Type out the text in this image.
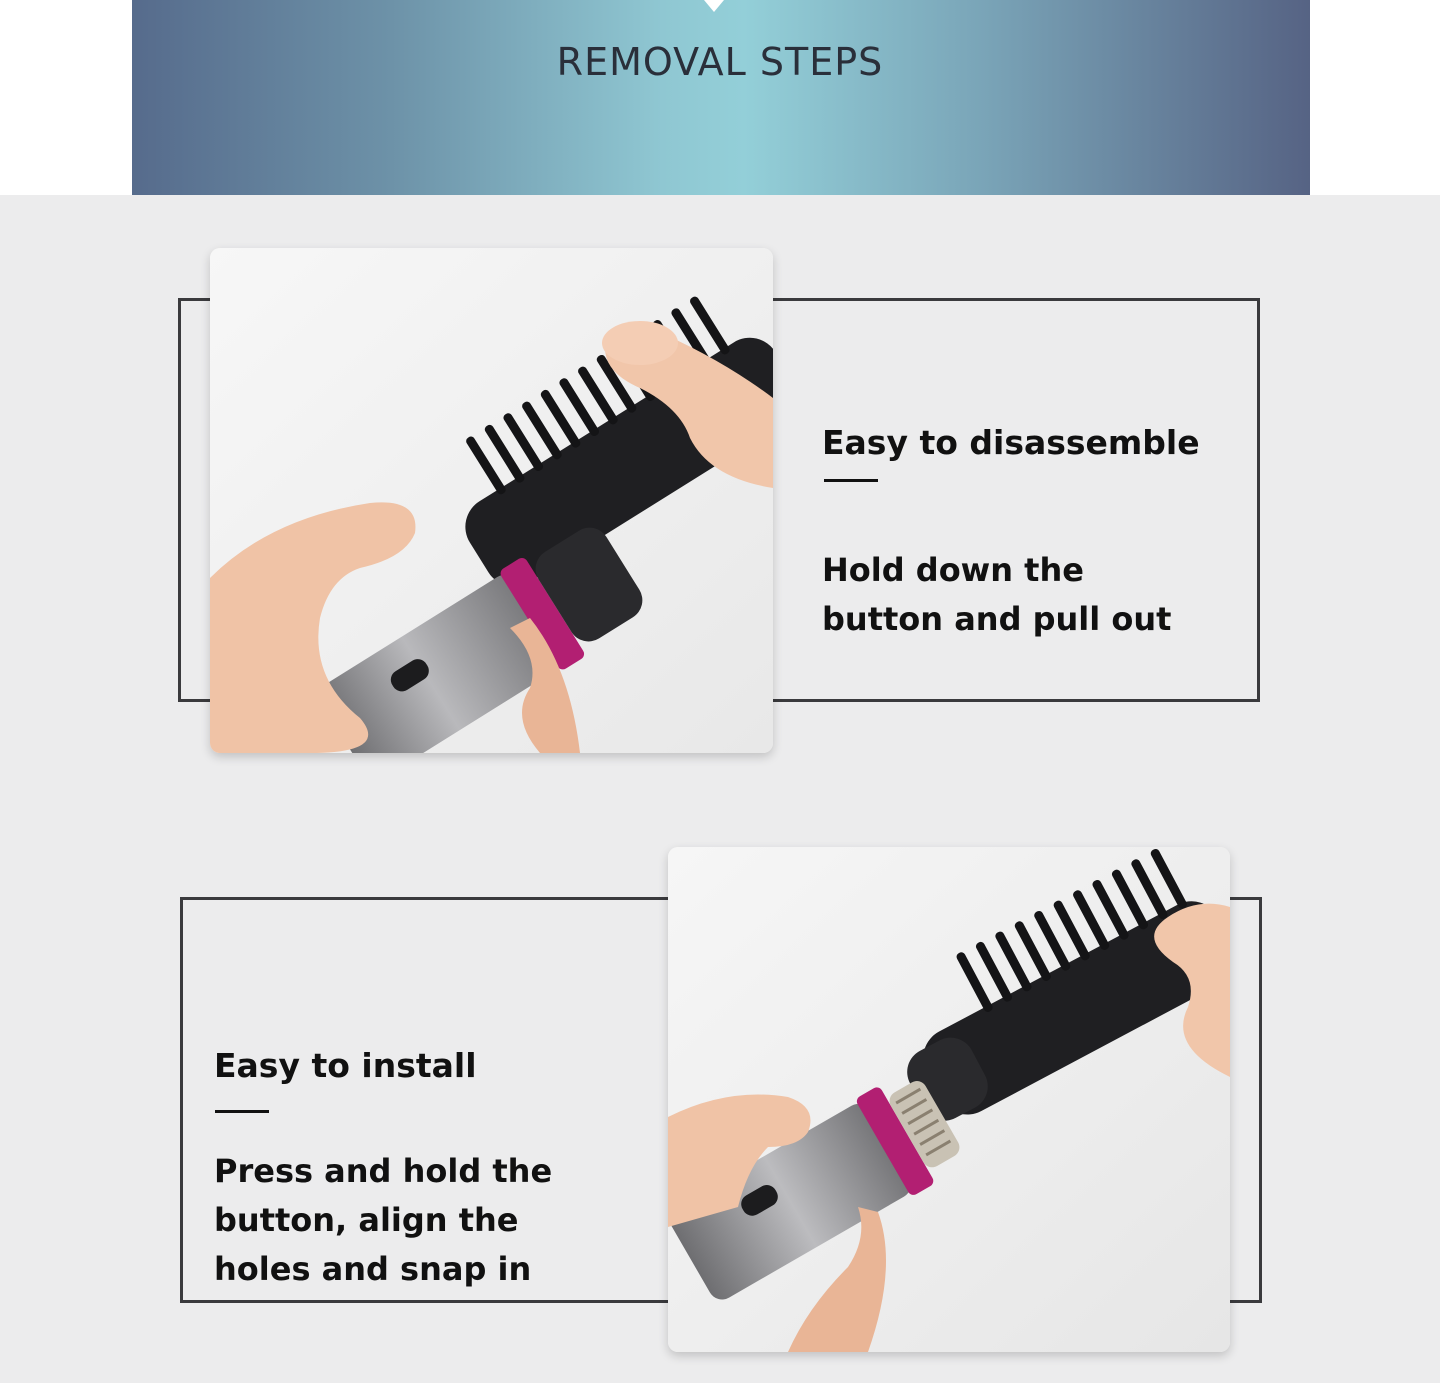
REMOVAL STEPS
Easy to disassemble
Hold down the
button and pull out
Easy to install
Press and hold the
button, align the
holes and snap in
